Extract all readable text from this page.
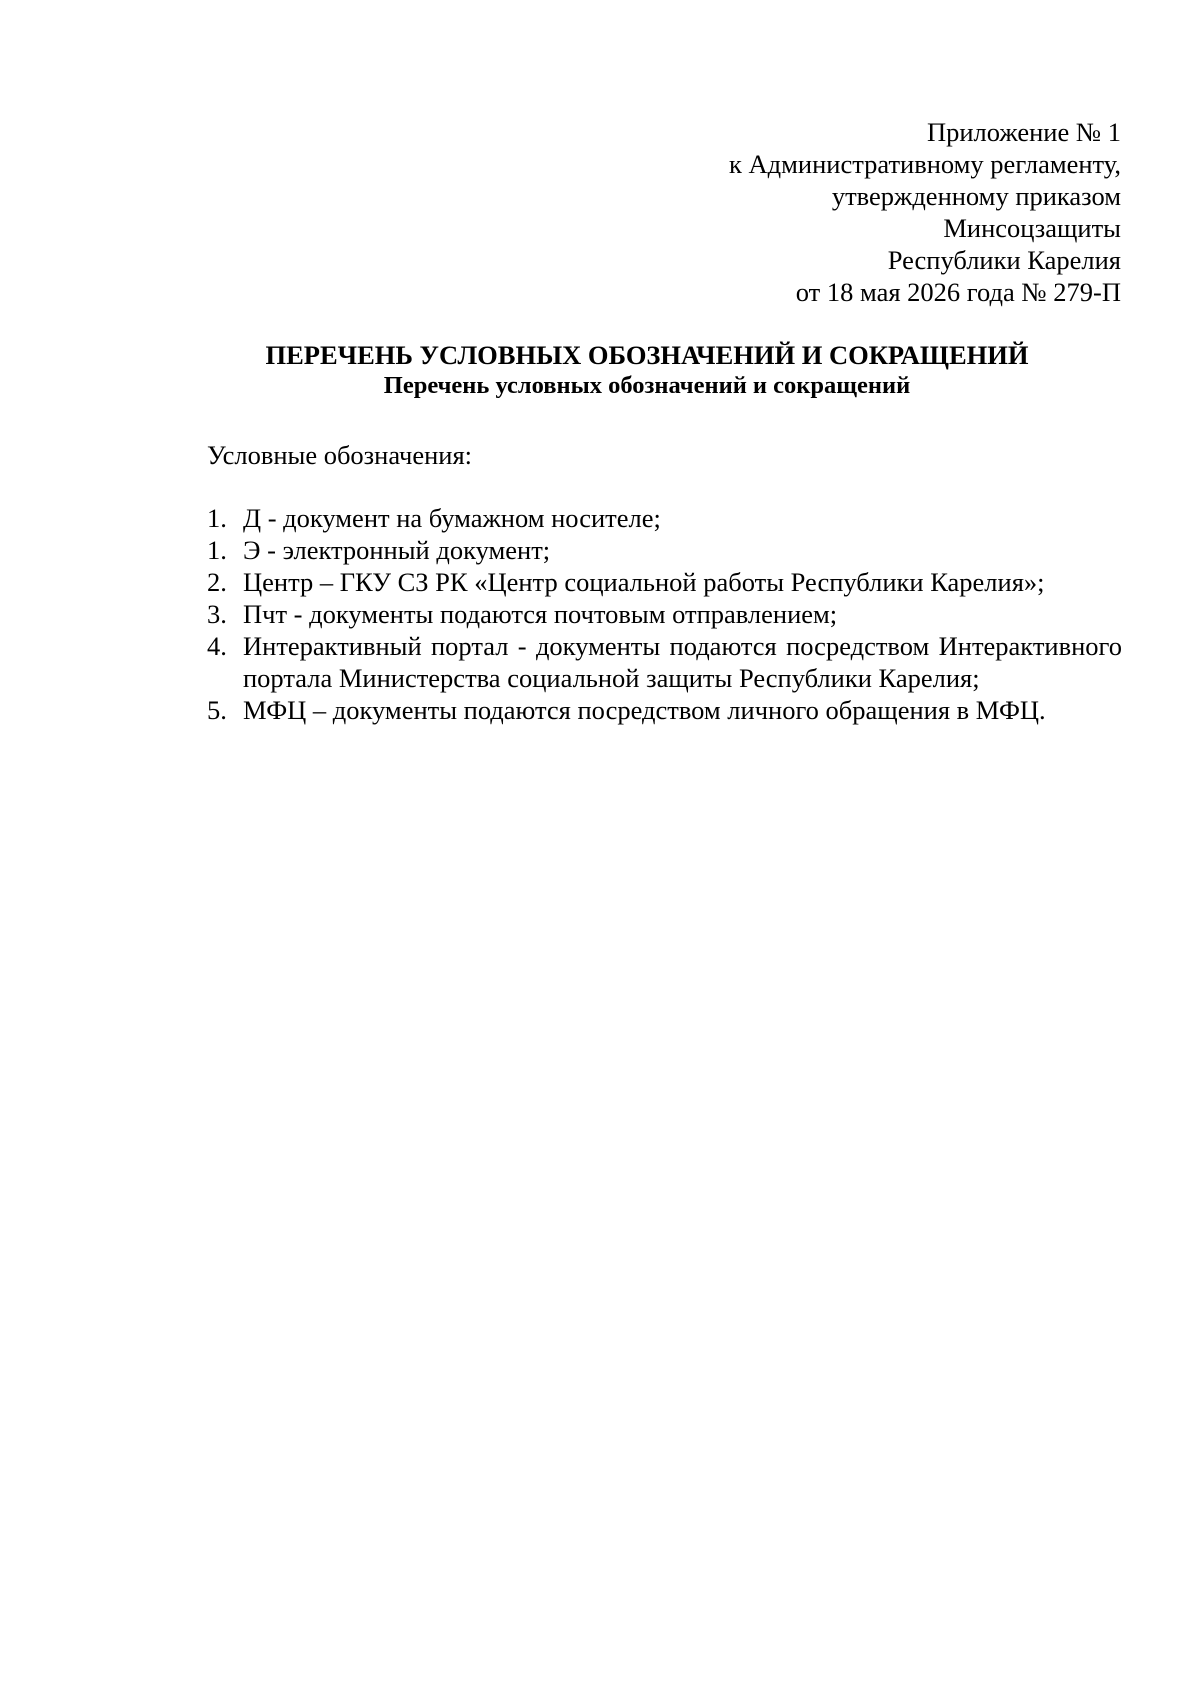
Приложение № 1
к Административному регламенту,
утвержденному приказом
Минсоцзащиты
Республики Карелия
от 18 мая 2026 года № 279-П
ПЕРЕЧЕНЬ УСЛОВНЫХ ОБОЗНАЧЕНИЙ И СОКРАЩЕНИЙ
Перечень условных обозначений и сокращений
Условные обозначения:
1. Д - документ на бумажном носителе;
1. Э - электронный документ;
2. Центр – ГКУ СЗ РК «Центр социальной работы Республики Карелия»;
3. Пчт - документы подаются почтовым отправлением;
4. Интерактивный портал - документы подаются посредством Интерактивного портала Министерства социальной защиты Республики Карелия;
5. МФЦ – документы подаются посредством личного обращения в МФЦ.
